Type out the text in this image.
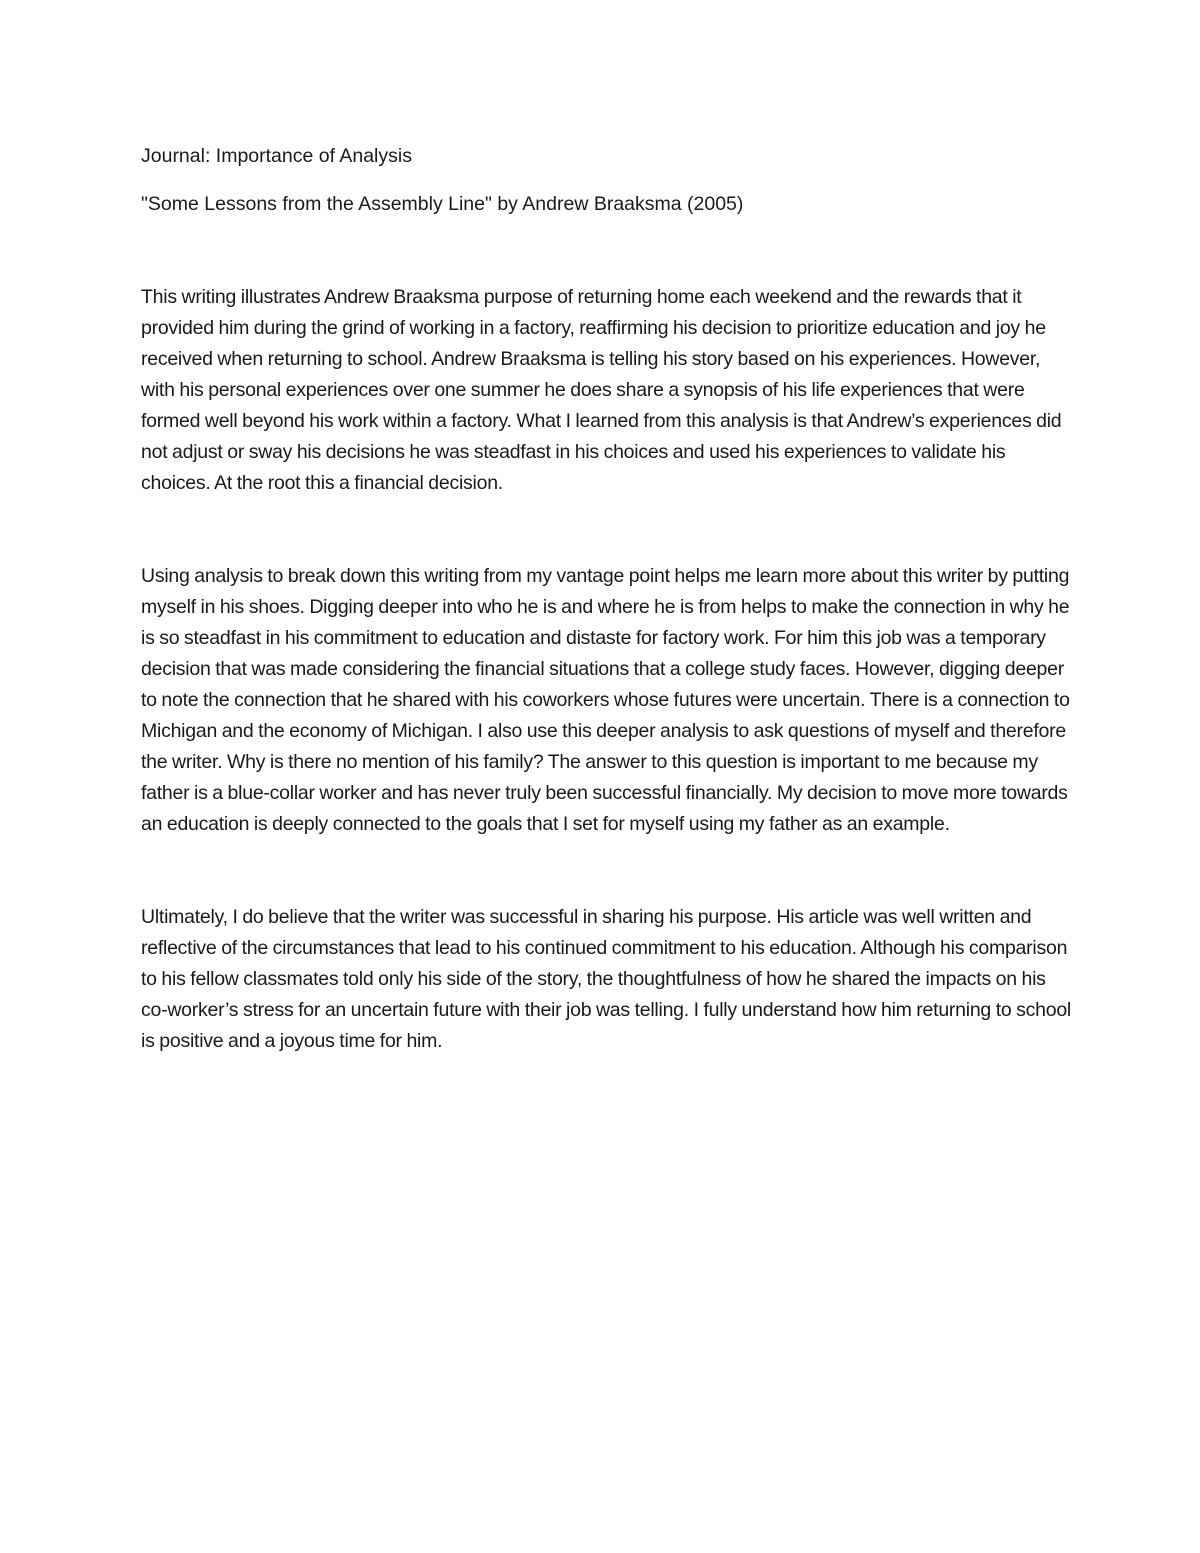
Journal: Importance of Analysis

"Some Lessons from the Assembly Line" by Andrew Braaksma (2005)

This writing illustrates Andrew Braaksma purpose of returning home each weekend and the rewards that it provided him during the grind of working in a factory, reaffirming his decision to prioritize education and joy he received when returning to school. Andrew Braaksma is telling his story based on his experiences. However, with his personal experiences over one summer he does share a synopsis of his life experiences that were formed well beyond his work within a factory. What I learned from this analysis is that Andrew’s experiences did not adjust or sway his decisions he was steadfast in his choices and used his experiences to validate his choices. At the root this a financial decision.

Using analysis to break down this writing from my vantage point helps me learn more about this writer by putting myself in his shoes. Digging deeper into who he is and where he is from helps to make the connection in why he is so steadfast in his commitment to education and distaste for factory work. For him this job was a temporary decision that was made considering the financial situations that a college study faces. However, digging deeper to note the connection that he shared with his coworkers whose futures were uncertain. There is a connection to Michigan and the economy of Michigan. I also use this deeper analysis to ask questions of myself and therefore the writer. Why is there no mention of his family? The answer to this question is important to me because my father is a blue-collar worker and has never truly been successful financially. My decision to move more towards an education is deeply connected to the goals that I set for myself using my father as an example.

Ultimately, I do believe that the writer was successful in sharing his purpose. His article was well written and reflective of the circumstances that lead to his continued commitment to his education. Although his comparison to his fellow classmates told only his side of the story, the thoughtfulness of how he shared the impacts on his co-worker’s stress for an uncertain future with their job was telling. I fully understand how him returning to school is positive and a joyous time for him.
